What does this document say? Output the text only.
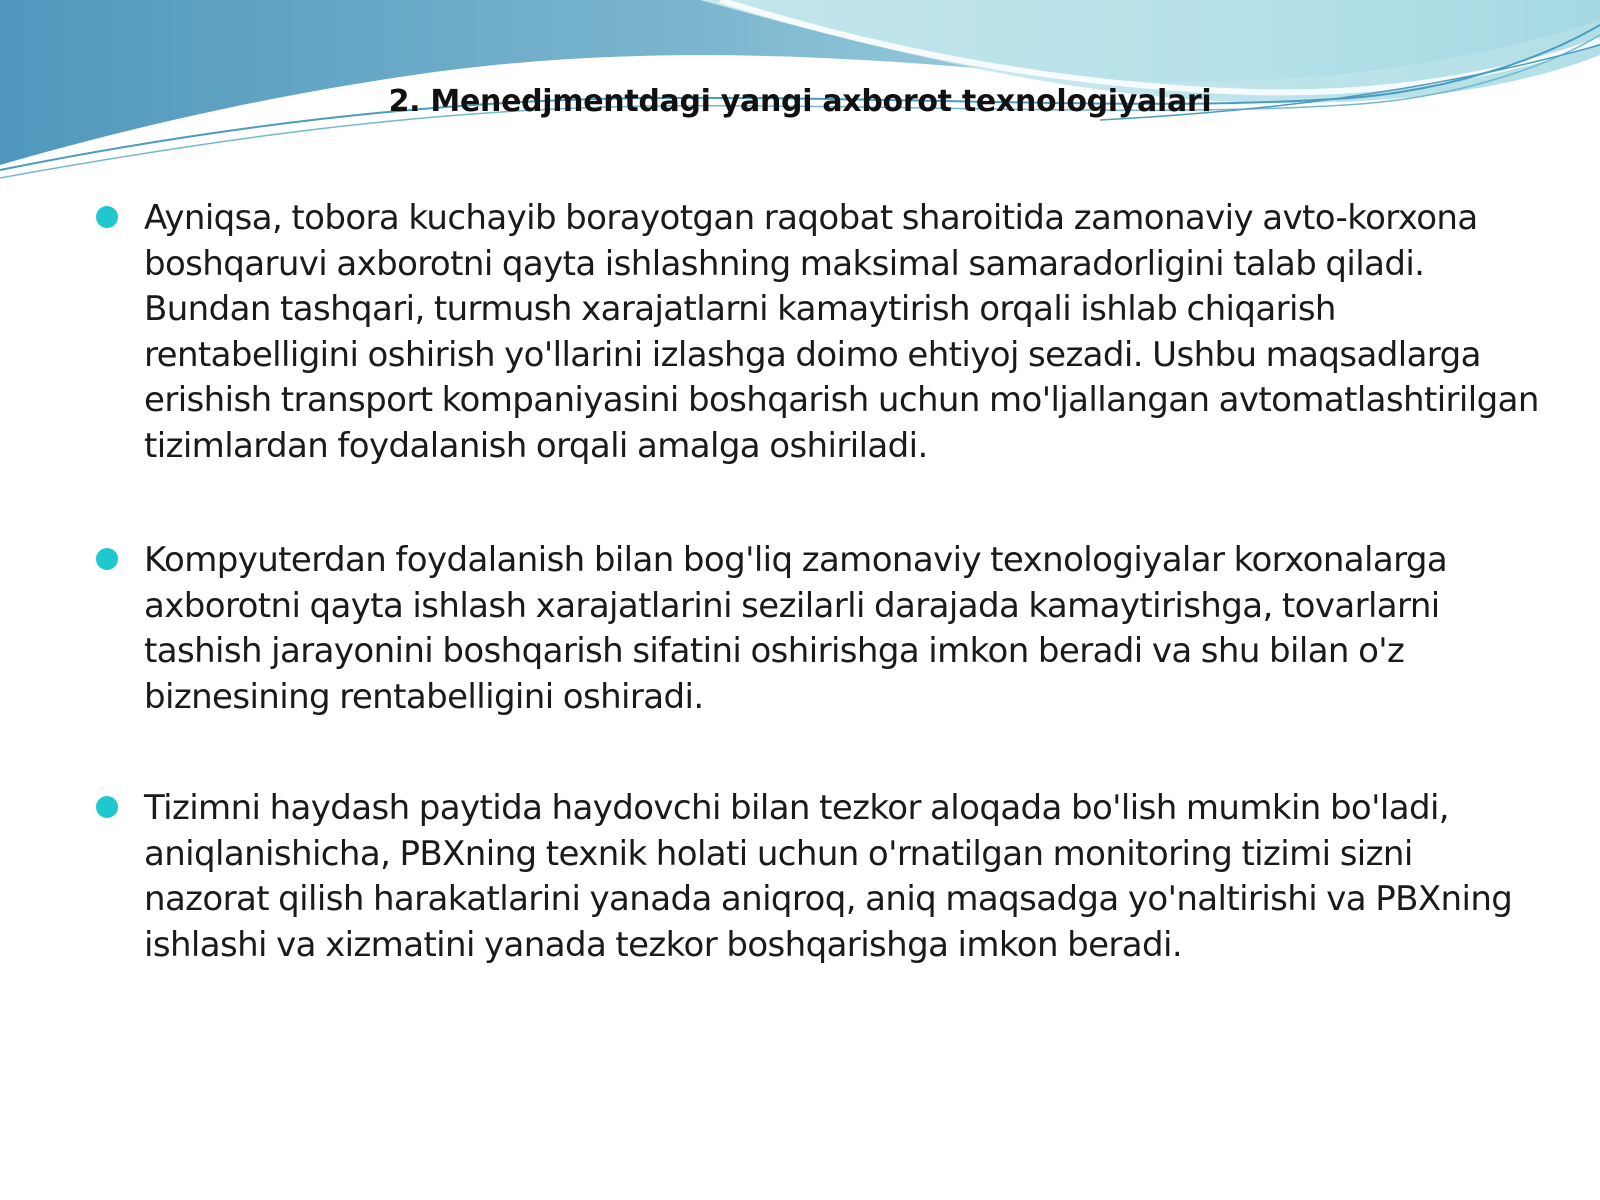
2. Menedjmentdagi yangi axborot texnologiyalari

Ayniqsa, tobora kuchayib borayotgan raqobat sharoitida zamonaviy avto-korxona boshqaruvi axborotni qayta ishlashning maksimal samaradorligini talab qiladi. Bundan tashqari, turmush xarajatlarni kamaytirish orqali ishlab chiqarish rentabelligini oshirish yo'llarini izlashga doimo ehtiyoj sezadi. Ushbu maqsadlarga erishish transport kompaniyasini boshqarish uchun mo'ljallangan avtomatlashtirilgan tizimlardan foydalanish orqali amalga oshiriladi.

Kompyuterdan foydalanish bilan bog'liq zamonaviy texnologiyalar korxonalarga axborotni qayta ishlash xarajatlarini sezilarli darajada kamaytirishga, tovarlarni tashish jarayonini boshqarish sifatini oshirishga imkon beradi va shu bilan o'z biznesining rentabelligini oshiradi.

Tizimni haydash paytida haydovchi bilan tezkor aloqada bo'lish mumkin bo'ladi, aniqlanishicha, PBXning texnik holati uchun o'rnatilgan monitoring tizimi sizni nazorat qilish harakatlarini yanada aniqroq, aniq maqsadga yo'naltirishi va PBXning ishlashi va xizmatini yanada tezkor boshqarishga imkon beradi.
